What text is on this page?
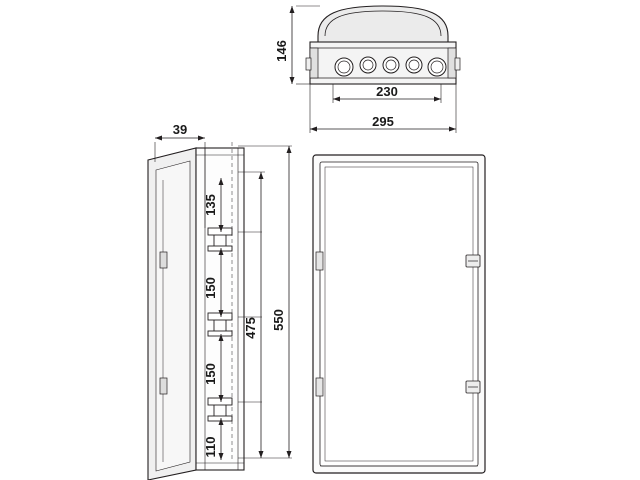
146
230
295
39
135
150
150
110
475 550
